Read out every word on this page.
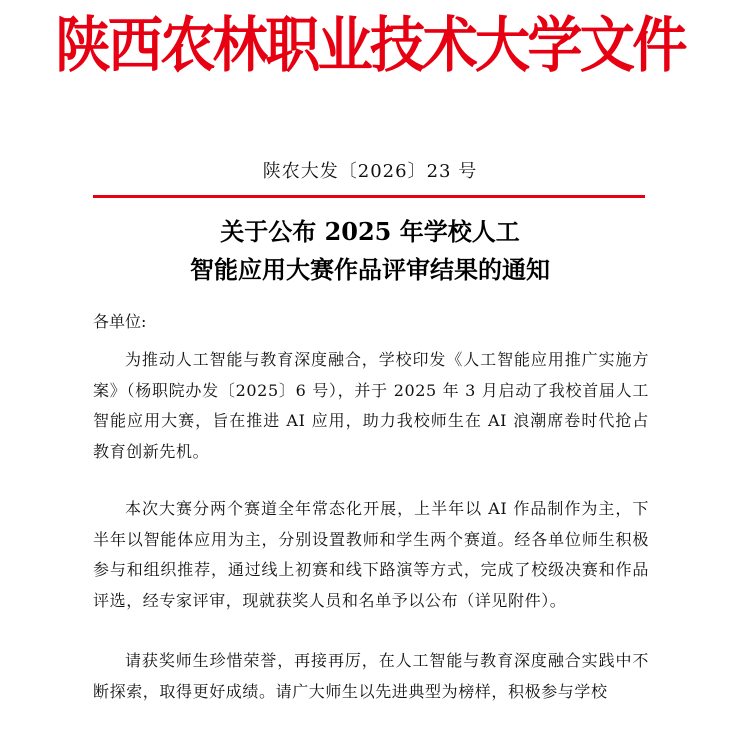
陕西农林职业技术大学文件
陕农大发〔2026〕23 号
关于公布 2025 年学校人工
智能应用大赛作品评审结果的通知
各单位:
为推动人工智能与教育深度融合，学校印发《人工智能应用推广实施方案》（杨职院办发〔2025〕6 号），并于 2025 年 3 月启动了我校首届人工智能应用大赛，旨在推进 AI 应用，助力我校师生在 AI 浪潮席卷时代抢占教育创新先机。
本次大赛分两个赛道全年常态化开展，上半年以 AI 作品制作为主，下半年以智能体应用为主，分别设置教师和学生两个赛道。经各单位师生积极参与和组织推荐，通过线上初赛和线下路演等方式，完成了校级决赛和作品评选，经专家评审，现就获奖人员和名单予以公布（详见附件）。
请获奖师生珍惜荣誉，再接再厉，在人工智能与教育深度融合实践中不断探索，取得更好成绩。请广大师生以先进典型为榜样，积极参与学校
